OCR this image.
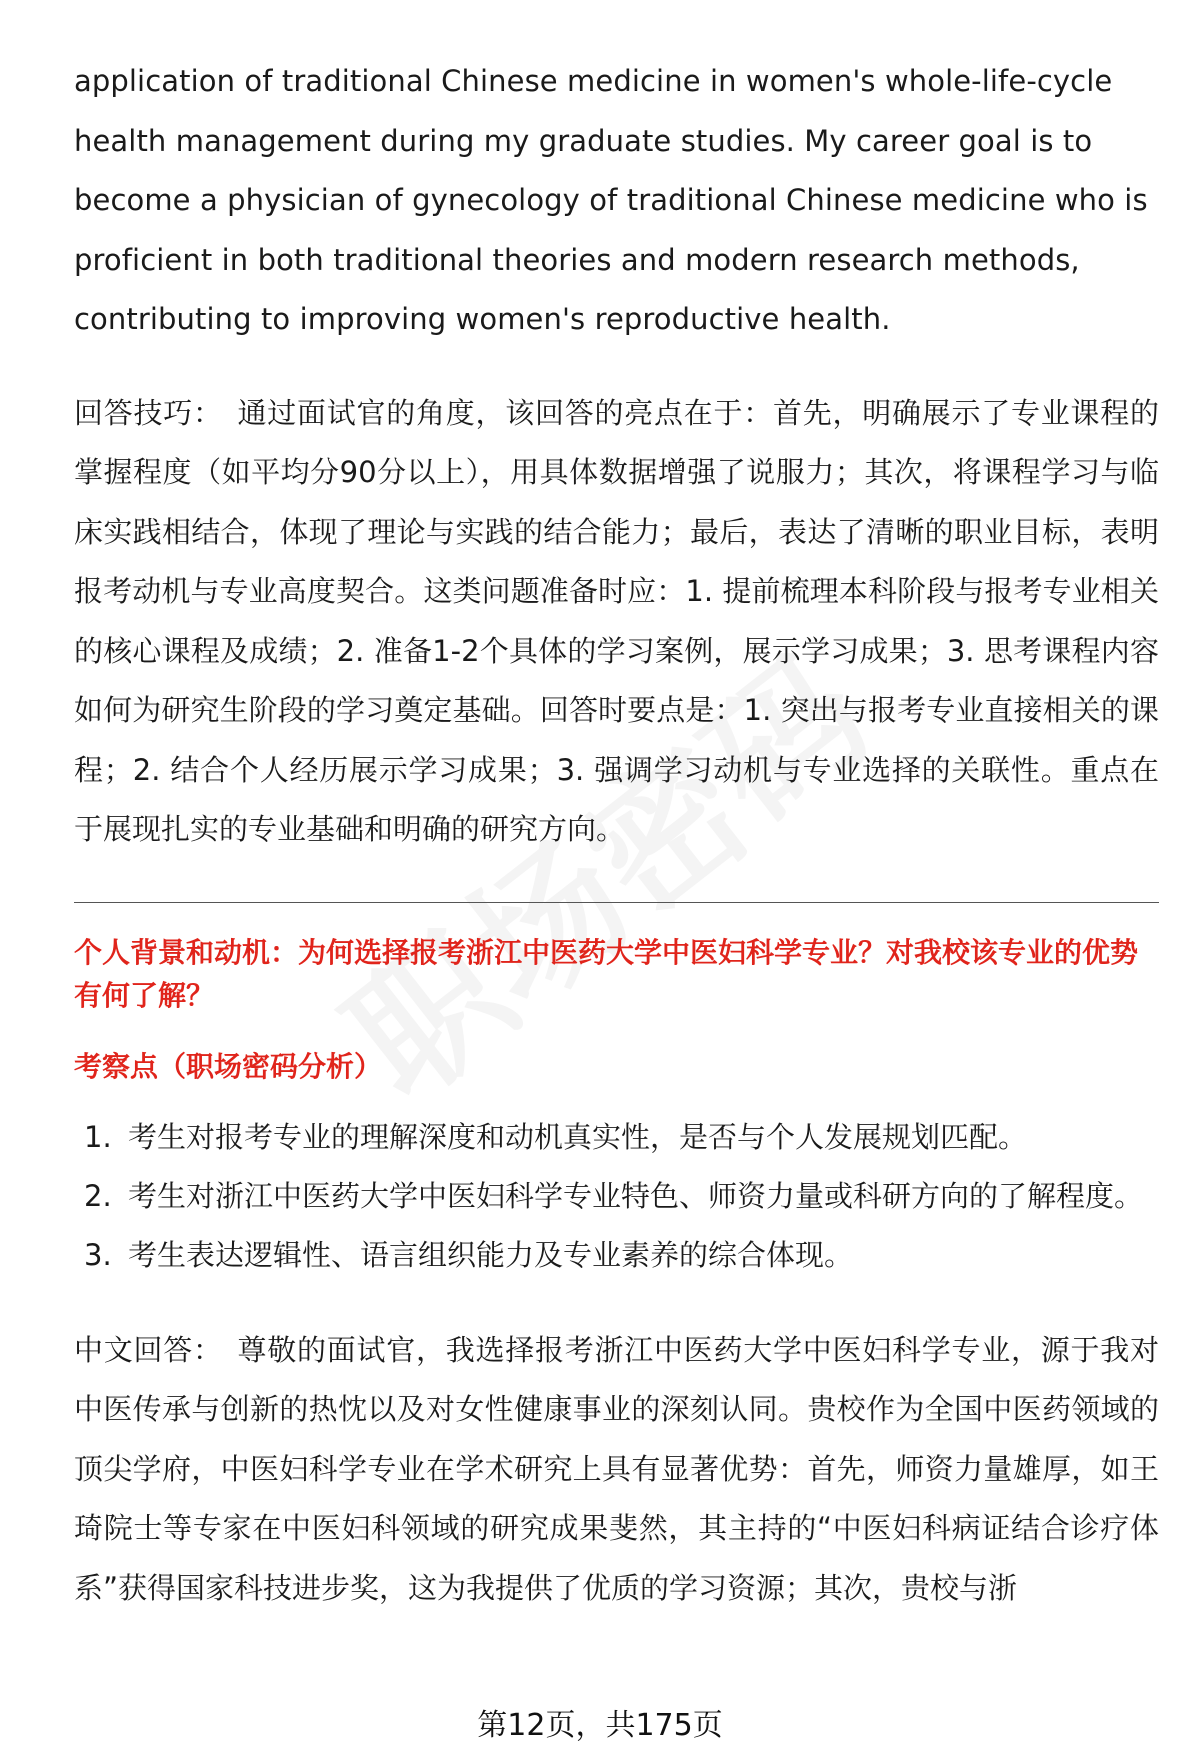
application of traditional Chinese medicine in women's whole-life-cycle health management during my graduate studies. My career goal is to become a physician of gynecology of traditional Chinese medicine who is proficient in both traditional theories and modern research methods, contributing to improving women's reproductive health.

回答技巧： 通过面试官的角度，该回答的亮点在于：首先，明确展示了专业课程的掌握程度（如平均分90分以上），用具体数据增强了说服力；其次，将课程学习与临床实践相结合，体现了理论与实践的结合能力；最后，表达了清晰的职业目标，表明报考动机与专业高度契合。这类问题准备时应：1. 提前梳理本科阶段与报考专业相关的核心课程及成绩；2. 准备1-2个具体的学习案例，展示学习成果；3. 思考课程内容如何为研究生阶段的学习奠定基础。回答时要点是：1. 突出与报考专业直接相关的课程；2. 结合个人经历展示学习成果；3. 强调学习动机与专业选择的关联性。重点在于展现扎实的专业基础和明确的研究方向。

个人背景和动机：为何选择报考浙江中医药大学中医妇科学专业？对我校该专业的优势有何了解？

考察点（职场密码分析）

1. 考生对报考专业的理解深度和动机真实性，是否与个人发展规划匹配。
2. 考生对浙江中医药大学中医妇科学专业特色、师资力量或科研方向的了解程度。
3. 考生表达逻辑性、语言组织能力及专业素养的综合体现。

中文回答： 尊敬的面试官，我选择报考浙江中医药大学中医妇科学专业，源于我对中医传承与创新的热忱以及对女性健康事业的深刻认同。贵校作为全国中医药领域的顶尖学府，中医妇科学专业在学术研究上具有显著优势：首先，师资力量雄厚，如王琦院士等专家在中医妇科领域的研究成果斐然，其主持的“中医妇科病证结合诊疗体系”获得国家科技进步奖，这为我提供了优质的学习资源；其次，贵校与浙

第12页，共175页
